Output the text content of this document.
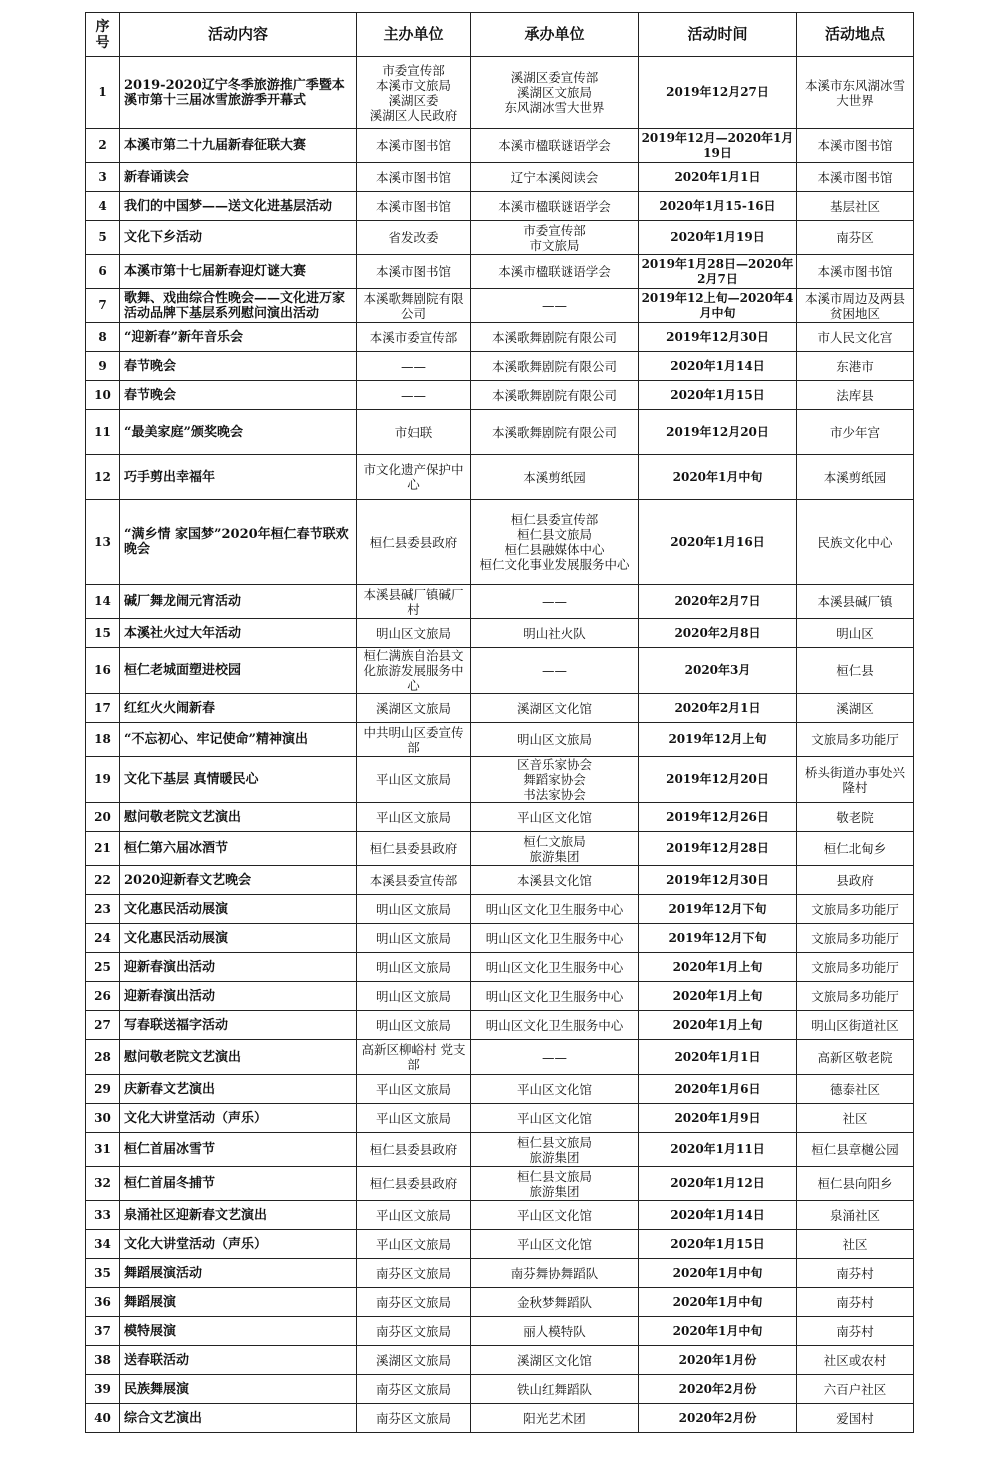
序号	活动内容	主办单位	承办单位	活动时间	活动地点
1	2019-2020辽宁冬季旅游推广季暨本溪市第十三届冰雪旅游季开幕式	市委宣传部
本溪市文旅局
溪湖区委
溪湖区人民政府	溪湖区委宣传部
溪湖区文旅局
东风湖冰雪大世界	2019年12月27日	本溪市东风湖冰雪大世界
2	本溪市第二十九届新春征联大赛	本溪市图书馆	本溪市楹联谜语学会	2019年12月—2020年1月19日	本溪市图书馆
3	新春诵读会	本溪市图书馆	辽宁本溪阅读会	2020年1月1日	本溪市图书馆
4	我们的中国梦——送文化进基层活动	本溪市图书馆	本溪市楹联谜语学会	2020年1月15-16日	基层社区
5	文化下乡活动	省发改委	市委宣传部
市文旅局	2020年1月19日	南芬区
6	本溪市第十七届新春迎灯谜大赛	本溪市图书馆	本溪市楹联谜语学会	2019年1月28日—2020年2月7日	本溪市图书馆
7	歌舞、戏曲综合性晚会——文化进万家活动品牌下基层系列慰问演出活动	本溪歌舞剧院有限公司	——	2019年12上旬—2020年4月中旬	本溪市周边及两县贫困地区
8	“迎新春”新年音乐会	本溪市委宣传部	本溪歌舞剧院有限公司	2019年12月30日	市人民文化宫
9	春节晚会	——	本溪歌舞剧院有限公司	2020年1月14日	东港市
10	春节晚会	——	本溪歌舞剧院有限公司	2020年1月15日	法库县
11	“最美家庭”颁奖晚会	市妇联	本溪歌舞剧院有限公司	2019年12月20日	市少年宫
12	巧手剪出幸福年	市文化遗产保护中心	本溪剪纸园	2020年1月中旬	本溪剪纸园
13	“满乡情 家国梦”2020年桓仁春节联欢晚会	桓仁县委县政府	桓仁县委宣传部
桓仁县文旅局
桓仁县融媒体中心
桓仁文化事业发展服务中心	2020年1月16日	民族文化中心
14	碱厂舞龙闹元宵活动	本溪县碱厂镇碱厂村	——	2020年2月7日	本溪县碱厂镇
15	本溪社火过大年活动	明山区文旅局	明山社火队	2020年2月8日	明山区
16	桓仁老城面塑进校园	桓仁满族自治县文化旅游发展服务中心	——	2020年3月	桓仁县
17	红红火火闹新春	溪湖区文旅局	溪湖区文化馆	2020年2月1日	溪湖区
18	“不忘初心、牢记使命”精神演出	中共明山区委宣传部	明山区文旅局	2019年12月上旬	文旅局多功能厅
19	文化下基层 真情暖民心	平山区文旅局	区音乐家协会
舞蹈家协会
书法家协会	2019年12月20日	桥头街道办事处兴隆村
20	慰问敬老院文艺演出	平山区文旅局	平山区文化馆	2019年12月26日	敬老院
21	桓仁第六届冰酒节	桓仁县委县政府	桓仁文旅局
旅游集团	2019年12月28日	桓仁北甸乡
22	2020迎新春文艺晚会	本溪县委宣传部	本溪县文化馆	2019年12月30日	县政府
23	文化惠民活动展演	明山区文旅局	明山区文化卫生服务中心	2019年12月下旬	文旅局多功能厅
24	文化惠民活动展演	明山区文旅局	明山区文化卫生服务中心	2019年12月下旬	文旅局多功能厅
25	迎新春演出活动	明山区文旅局	明山区文化卫生服务中心	2020年1月上旬	文旅局多功能厅
26	迎新春演出活动	明山区文旅局	明山区文化卫生服务中心	2020年1月上旬	文旅局多功能厅
27	写春联送福字活动	明山区文旅局	明山区文化卫生服务中心	2020年1月上旬	明山区街道社区
28	慰问敬老院文艺演出	高新区柳峪村 党支部	——	2020年1月1日	高新区敬老院
29	庆新春文艺演出	平山区文旅局	平山区文化馆	2020年1月6日	德泰社区
30	文化大讲堂活动（声乐）	平山区文旅局	平山区文化馆	2020年1月9日	社区
31	桓仁首届冰雪节	桓仁县委县政府	桓仁县文旅局
旅游集团	2020年1月11日	桓仁县章樾公园
32	桓仁首届冬捕节	桓仁县委县政府	桓仁县文旅局
旅游集团	2020年1月12日	桓仁县向阳乡
33	泉涌社区迎新春文艺演出	平山区文旅局	平山区文化馆	2020年1月14日	泉涌社区
34	文化大讲堂活动（声乐）	平山区文旅局	平山区文化馆	2020年1月15日	社区
35	舞蹈展演活动	南芬区文旅局	南芬舞协舞蹈队	2020年1月中旬	南芬村
36	舞蹈展演	南芬区文旅局	金秋梦舞蹈队	2020年1月中旬	南芬村
37	模特展演	南芬区文旅局	丽人模特队	2020年1月中旬	南芬村
38	送春联活动	溪湖区文旅局	溪湖区文化馆	2020年1月份	社区或农村
39	民族舞展演	南芬区文旅局	铁山红舞蹈队	2020年2月份	六百户社区
40	综合文艺演出	南芬区文旅局	阳光艺术团	2020年2月份	爱国村
